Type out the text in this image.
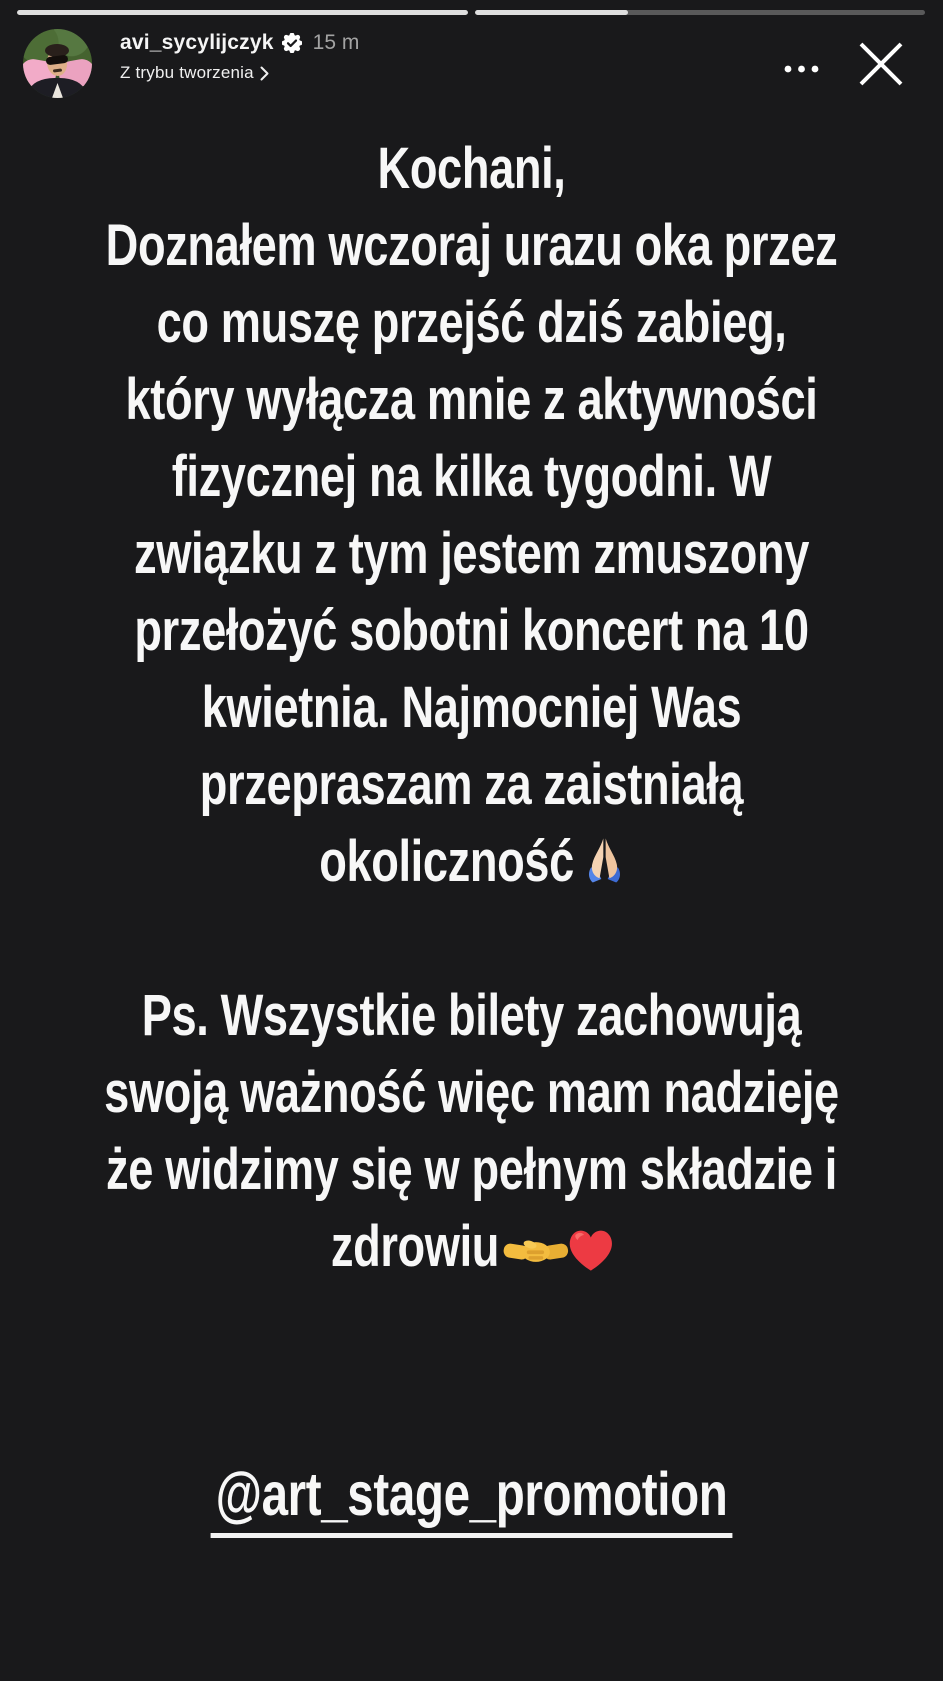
avi_sycylijczyk 15 m
Z trybu tworzenia
Kochani,
Doznałem wczoraj urazu oka przez
co muszę przejść dziś zabieg,
który wyłącza mnie z aktywności
fizycznej na kilka tygodni. W
związku z tym jestem zmuszony
przełożyć sobotni koncert na 10
kwietnia. Najmocniej Was
przepraszam za zaistniałą
okoliczność
Ps. Wszystkie bilety zachowują
swoją ważność więc mam nadzieję
że widzimy się w pełnym składzie i
zdrowiu
@art_stage_promotion
